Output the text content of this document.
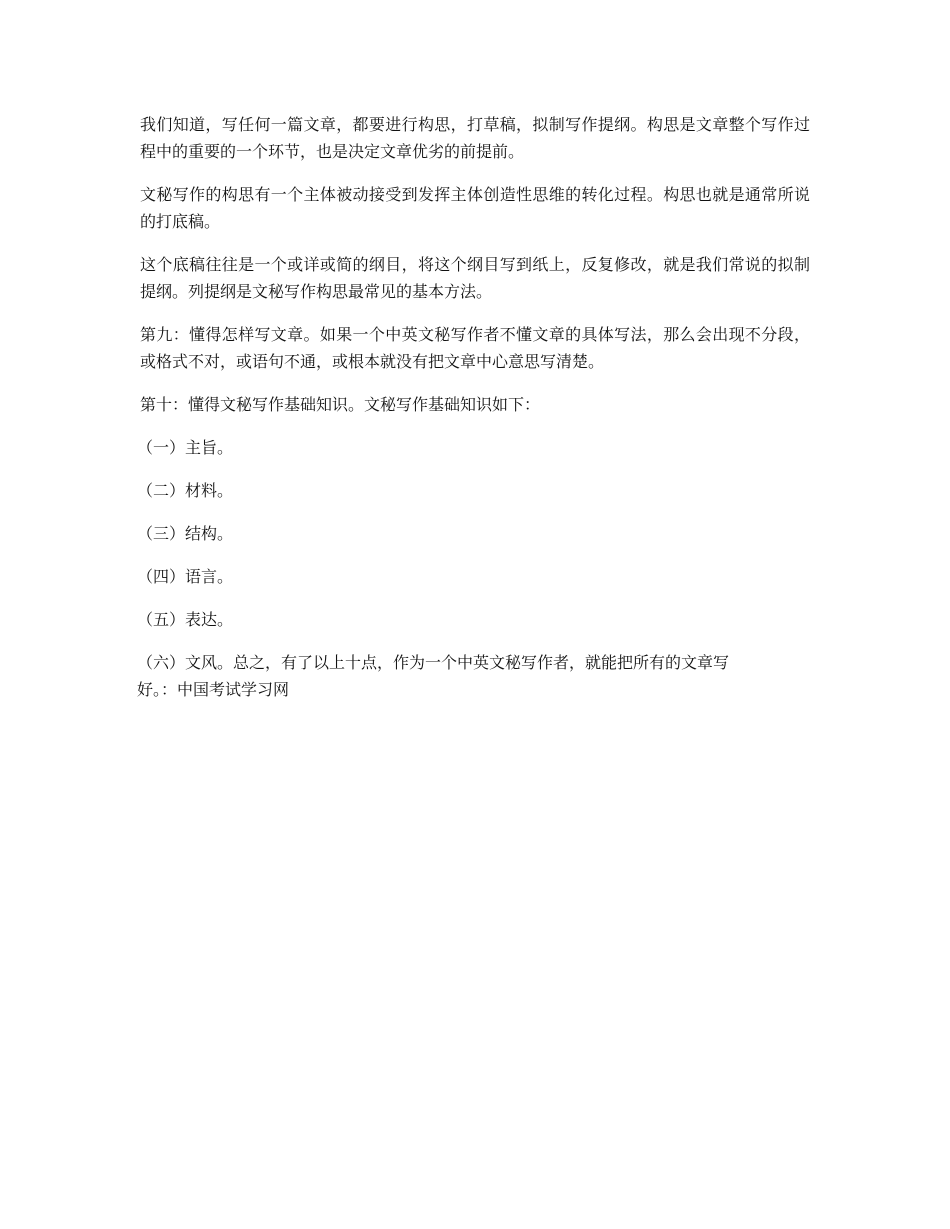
我们知道，写任何一篇文章，都要进行构思，打草稿，拟制写作提纲。构思是文章整个写作过程中的重要的一个环节，也是决定文章优劣的前提前。

文秘写作的构思有一个主体被动接受到发挥主体创造性思维的转化过程。构思也就是通常所说的打底稿。

这个底稿往往是一个或详或简的纲目，将这个纲目写到纸上，反复修改，就是我们常说的拟制提纲。列提纲是文秘写作构思最常见的基本方法。

第九：懂得怎样写文章。如果一个中英文秘写作者不懂文章的具体写法，那么会出现不分段，或格式不对，或语句不通，或根本就没有把文章中心意思写清楚。

第十：懂得文秘写作基础知识。文秘写作基础知识如下：

（一）主旨。

（二）材料。

（三）结构。

（四）语言。

（五）表达。

（六）文风。总之，有了以上十点，作为一个中英文秘写作者，就能把所有的文章写
好。：中国考试学习网
